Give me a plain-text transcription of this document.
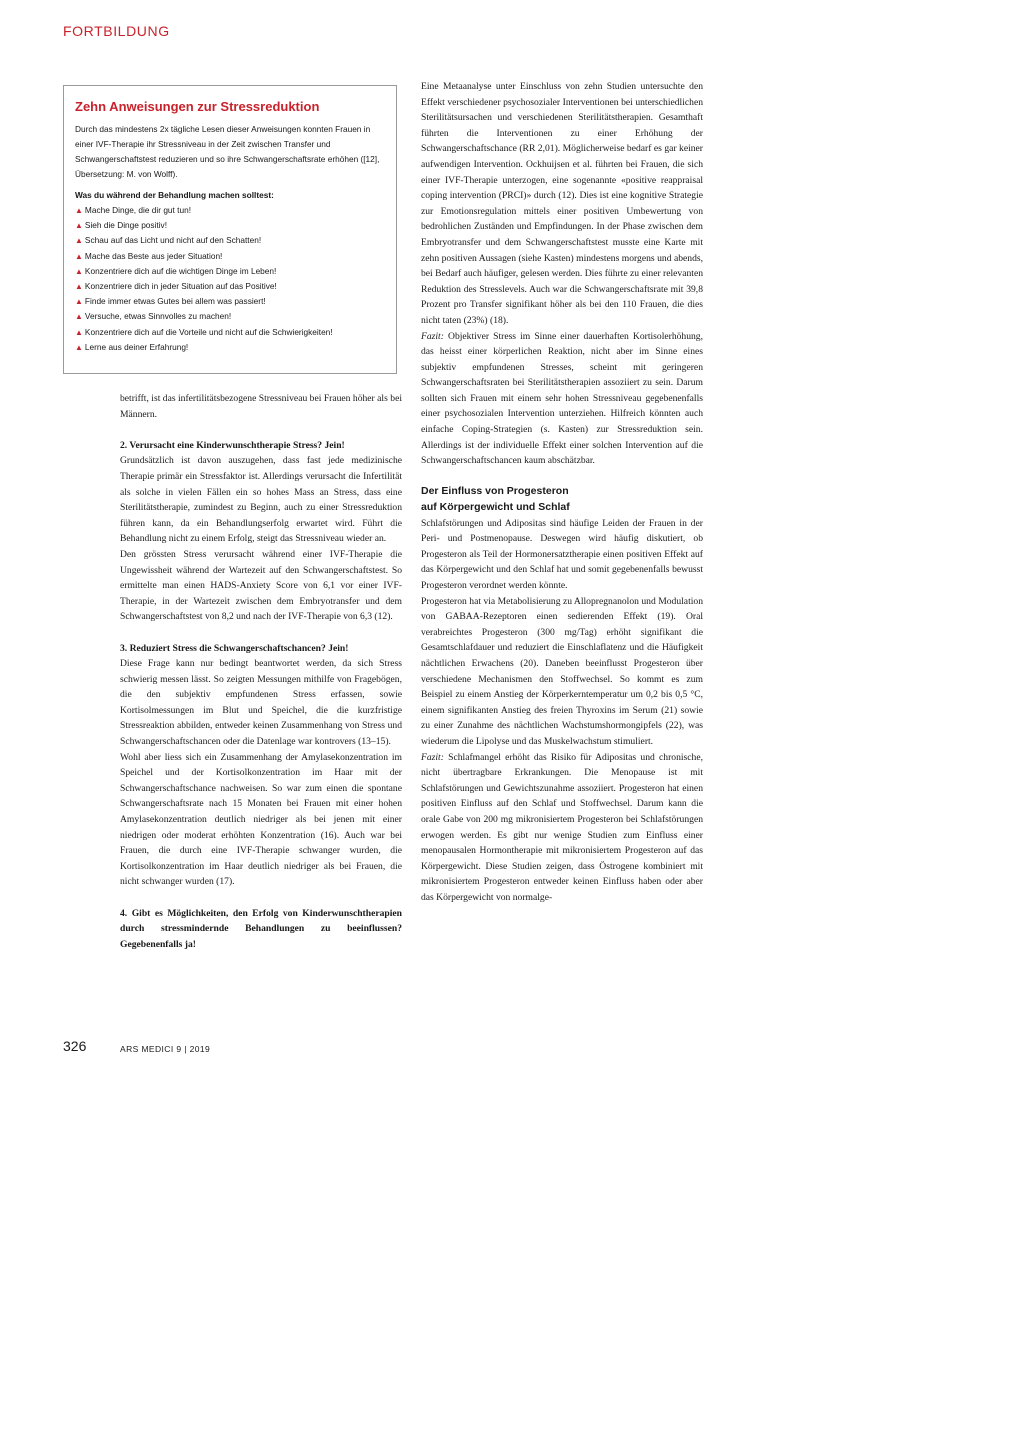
FORTBILDUNG
Zehn Anweisungen zur Stressreduktion

Durch das mindestens 2x tägliche Lesen dieser Anweisungen konnten Frauen in einer IVF-Therapie ihr Stressniveau in der Zeit zwischen Transfer und Schwangerschaftstest reduzieren und so ihre Schwangerschaftsrate erhöhen ([12], Übersetzung: M. von Wolff).

Was du während der Behandlung machen solltest:
▲ Mache Dinge, die dir gut tun!
▲ Sieh die Dinge positiv!
▲ Schau auf das Licht und nicht auf den Schatten!
▲ Mache das Beste aus jeder Situation!
▲ Konzentriere dich auf die wichtigen Dinge im Leben!
▲ Konzentriere dich in jeder Situation auf das Positive!
▲ Finde immer etwas Gutes bei allem was passiert!
▲ Versuche, etwas Sinnvolles zu machen!
▲ Konzentriere dich auf die Vorteile und nicht auf die Schwierigkeiten!
▲ Lerne aus deiner Erfahrung!

betrifft, ist das infertilitätsbezogene Stressniveau bei Frauen höher als bei Männern.

2. Verursacht eine Kinderwunschtherapie Stress? Jein!

Grundsätzlich ist davon auszugehen, dass fast jede medizinische Therapie primär ein Stressfaktor ist. Allerdings verursacht die Infertilität als solche in vielen Fällen ein so hohes Mass an Stress, dass eine Sterilitätstherapie, zumindest zu Beginn, auch zu einer Stressreduktion führen kann, da ein Behandlungserfolg erwartet wird. Führt die Behandlung nicht zu einem Erfolg, steigt das Stressniveau wieder an.

Den grössten Stress verursacht während einer IVF-Therapie die Ungewissheit während der Wartezeit auf den Schwangerschaftstest. So ermittelte man einen HADS-Anxiety Score von 6,1 vor einer IVF-Therapie, in der Wartezeit zwischen dem Embryotransfer und dem Schwangerschaftstest von 8,2 und nach der IVF-Therapie von 6,3 (12).

3. Reduziert Stress die Schwangerschaftschancen? Jein!

Diese Frage kann nur bedingt beantwortet werden, da sich Stress schwierig messen lässt. So zeigten Messungen mithilfe von Fragebögen, die den subjektiv empfundenen Stress erfassen, sowie Kortisolmessungen im Blut und Speichel, die die kurzfristige Stressreaktion abbilden, entweder keinen Zusammenhang von Stress und Schwangerschaftschancen oder die Datenlage war kontrovers (13–15).

Wohl aber liess sich ein Zusammenhang der Amylasekonzentration im Speichel und der Kortisolkonzentration im Haar mit der Schwangerschaftschance nachweisen. So war zum einen die spontane Schwangerschaftsrate nach 15 Monaten bei Frauen mit einer hohen Amylasekonzentration deutlich niedriger als bei jenen mit einer niedrigen oder moderat erhöhten Konzentration (16). Auch war bei Frauen, die durch eine IVF-Therapie schwanger wurden, die Kortisolkonzentration im Haar deutlich niedriger als bei Frauen, die nicht schwanger wurden (17).

4. Gibt es Möglichkeiten, den Erfolg von Kinderwunschtherapien durch stressmindernde Behandlungen zu beeinflussen? Gegebenenfalls ja!

Eine Metaanalyse unter Einschluss von zehn Studien untersuchte den Effekt verschiedener psychosozialer Interventionen bei unterschiedlichen Sterilitätsursachen und verschiedenen Sterilitätstherapien. Gesamthaft führten die Interventionen zu einer Erhöhung der Schwangerschaftschance (RR 2,01). Möglicherweise bedarf es gar keiner aufwendigen Intervention. Ockhuijsen et al. führten bei Frauen, die sich einer IVF-Therapie unterzogen, eine sogenannte «positive reappraisal coping intervention (PRCI)» durch (12). Dies ist eine kognitive Strategie zur Emotionsregulation mittels einer positiven Umbewertung von bedrohlichen Zuständen und Empfindungen. In der Phase zwischen dem Embryotransfer und dem Schwangerschaftstest musste eine Karte mit zehn positiven Aussagen (siehe Kasten) mindestens morgens und abends, bei Bedarf auch häufiger, gelesen werden. Dies führte zu einer relevanten Reduktion des Stresslevels. Auch war die Schwangerschaftsrate mit 39,8 Prozent pro Transfer signifikant höher als bei den 110 Frauen, die dies nicht taten (23%) (18).

Fazit: Objektiver Stress im Sinne einer dauerhaften Kortisolerhöhung, das heisst einer körperlichen Reaktion, nicht aber im Sinne eines subjektiv empfundenen Stresses, scheint mit geringeren Schwangerschaftsraten bei Sterilitätstherapien assoziiert zu sein. Darum sollten sich Frauen mit einem sehr hohen Stressniveau gegebenenfalls einer psychosozialen Intervention unterziehen. Hilfreich könnten auch einfache Coping-Strategien (s. Kasten) zur Stressreduktion sein. Allerdings ist der individuelle Effekt einer solchen Intervention auf die Schwangerschaftschancen kaum abschätzbar.

Der Einfluss von Progesteron
auf Körpergewicht und Schlaf

Schlafstörungen und Adipositas sind häufige Leiden der Frauen in der Peri- und Postmenopause. Deswegen wird häufig diskutiert, ob Progesteron als Teil der Hormonersatztherapie einen positiven Effekt auf das Körpergewicht und den Schlaf hat und somit gegebenenfalls bewusst Progesteron verordnet werden könnte.

Progesteron hat via Metabolisierung zu Allopregnanolon und Modulation von GABAA-Rezeptoren einen sedierenden Effekt (19). Oral verabreichtes Progesteron (300 mg/Tag) erhöht signifikant die Gesamtschlafdauer und reduziert die Einschlaflatenz und die Häufigkeit nächtlichen Erwachens (20). Daneben beeinflusst Progesteron über verschiedene Mechanismen den Stoffwechsel. So kommt es zum Beispiel zu einem Anstieg der Körperkerntemperatur um 0,2 bis 0,5 °C, einem signifikanten Anstieg des freien Thyroxins im Serum (21) sowie zu einer Zunahme des nächtlichen Wachstumshormongipfels (22), was wiederum die Lipolyse und das Muskelwachstum stimuliert.

Fazit: Schlafmangel erhöht das Risiko für Adipositas und chronische, nicht übertragbare Erkrankungen. Die Menopause ist mit Schlafstörungen und Gewichtszunahme assoziiert. Progesteron hat einen positiven Einfluss auf den Schlaf und Stoffwechsel. Darum kann die orale Gabe von 200 mg mikronisiertem Progesteron bei Schlafstörungen erwogen werden. Es gibt nur wenige Studien zum Einfluss einer menopausalen Hormontherapie mit mikronisiertem Progesteron auf das Körpergewicht. Diese Studien zeigen, dass Östrogene kombiniert mit mikronisiertem Progesteron entweder keinen Einfluss haben oder aber das Körpergewicht von normalge-

326	ARS MEDICI 9 | 2019
